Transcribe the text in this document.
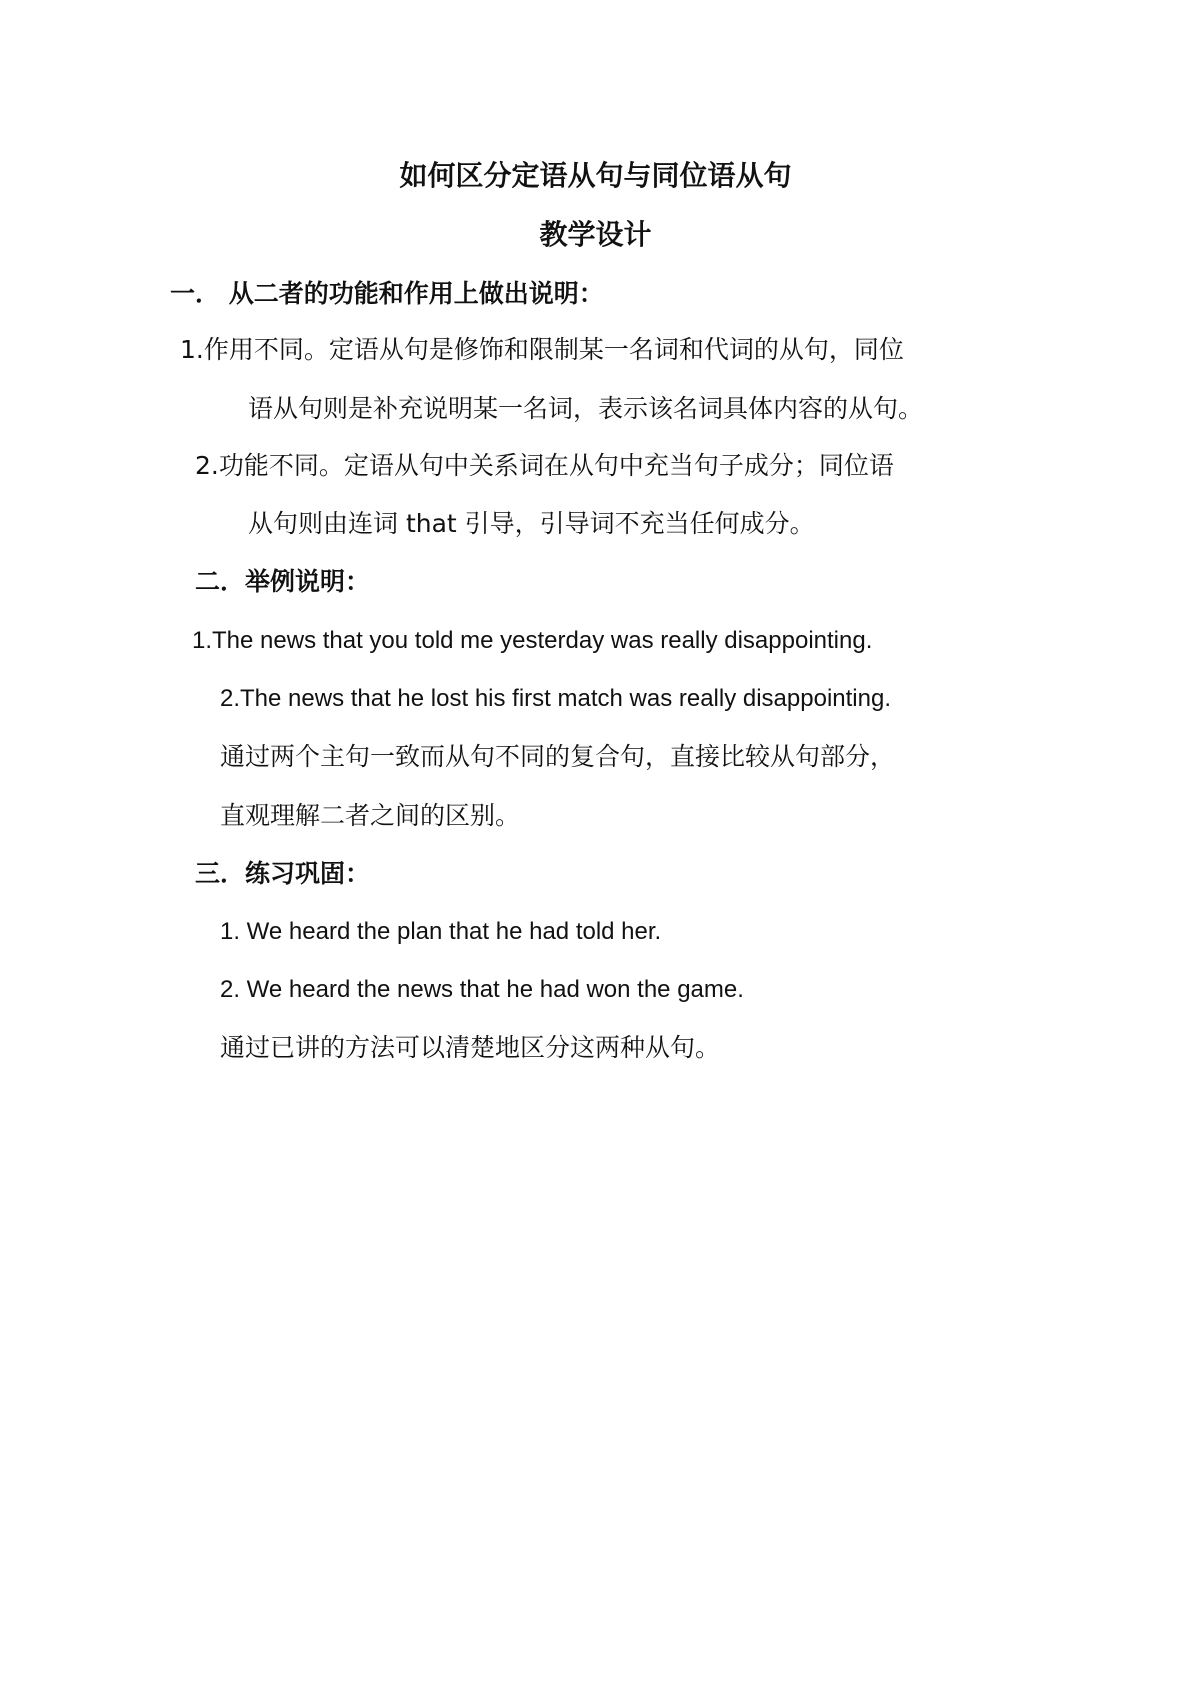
如何区分定语从句与同位语从句
教学设计
一． 从二者的功能和作用上做出说明：
1.作用不同。定语从句是修饰和限制某一名词和代词的从句，同位
语从句则是补充说明某一名词，表示该名词具体内容的从句。
2.功能不同。定语从句中关系词在从句中充当句子成分；同位语
从句则由连词 that 引导，引导词不充当任何成分。
二．举例说明：
1.The news that you told me yesterday was really disappointing.
2.The news that he lost his first match was really disappointing.
通过两个主句一致而从句不同的复合句，直接比较从句部分，
直观理解二者之间的区别。
三．练习巩固：
1. We heard the plan that he had told her.
2. We heard the news that he had won the game.
通过已讲的方法可以清楚地区分这两种从句。
